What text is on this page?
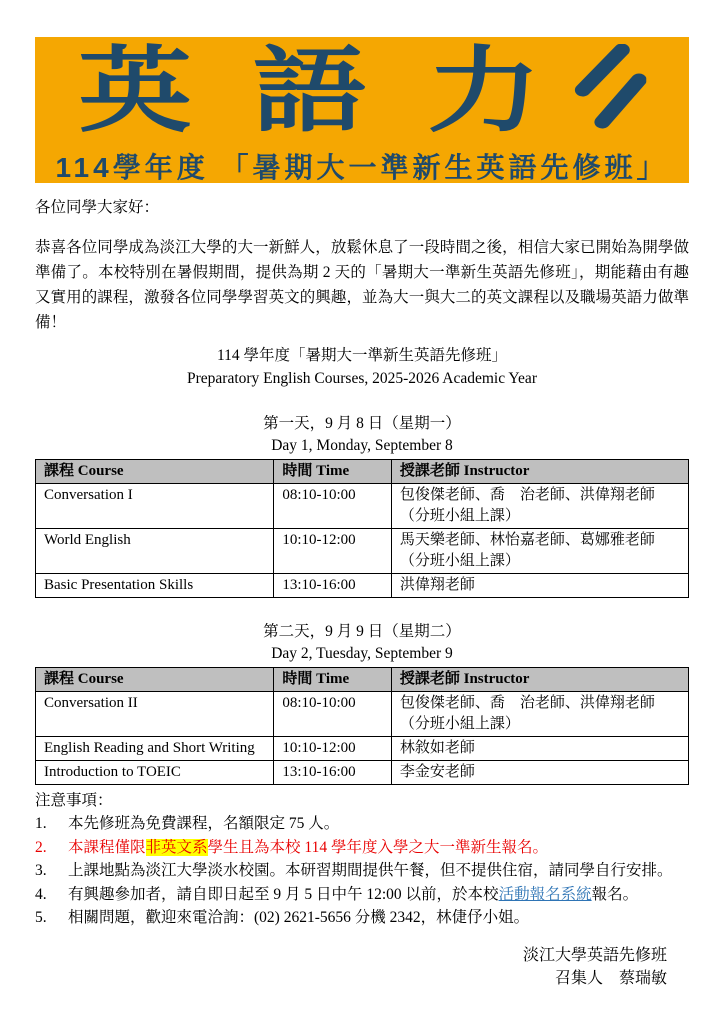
英 語 力
114學年度 「暑期大一準新生英語先修班」
各位同學大家好：
恭喜各位同學成為淡江大學的大一新鮮人，放鬆休息了一段時間之後，相信大家已開始為開學做準備了。本校特別在暑假期間，提供為期 2 天的「暑期大一準新生英語先修班」，期能藉由有趣又實用的課程，激發各位同學學習英文的興趣，並為大一與大二的英文課程以及職場英語力做準備！
114 學年度「暑期大一準新生英語先修班」
Preparatory English Courses, 2025-2026 Academic Year
第一天，9 月 8 日（星期一）
Day 1, Monday, September 8
課程 Course	時間 Time	授課老師 Instructor
Conversation I	08:10-10:00	包俊傑老師、喬　治老師、洪偉翔老師
（分班小組上課）

World English	10:10-12:00	馬天樂老師、林怡嘉老師、葛娜雅老師
（分班小組上課）

Basic Presentation Skills	13:10-16:00	洪偉翔老師
第二天，9 月 9 日（星期二）
Day 2, Tuesday, September 9
課程 Course	時間 Time	授課老師 Instructor
Conversation II	08:10-10:00	包俊傑老師、喬　治老師、洪偉翔老師
（分班小組上課）

English Reading and Short Writing	10:10-12:00	林敘如老師

Introduction to TOEIC	13:10-16:00	李金安老師
注意事項：
1.	本先修班為免費課程，名額限定 75 人。
2.	本課程僅限非英文系學生且為本校 114 學年度入學之大一準新生報名。
3.	上課地點為淡江大學淡水校園。本研習期間提供午餐，但不提供住宿，請同學自行安排。
4.	有興趣參加者，請自即日起至 9 月 5 日中午 12:00 以前，於本校活動報名系統報名。
5.	相關問題，歡迎來電洽詢：(02) 2621-5656 分機 2342，林倢伃小姐。
淡江大學英語先修班
召集人　蔡瑞敏
